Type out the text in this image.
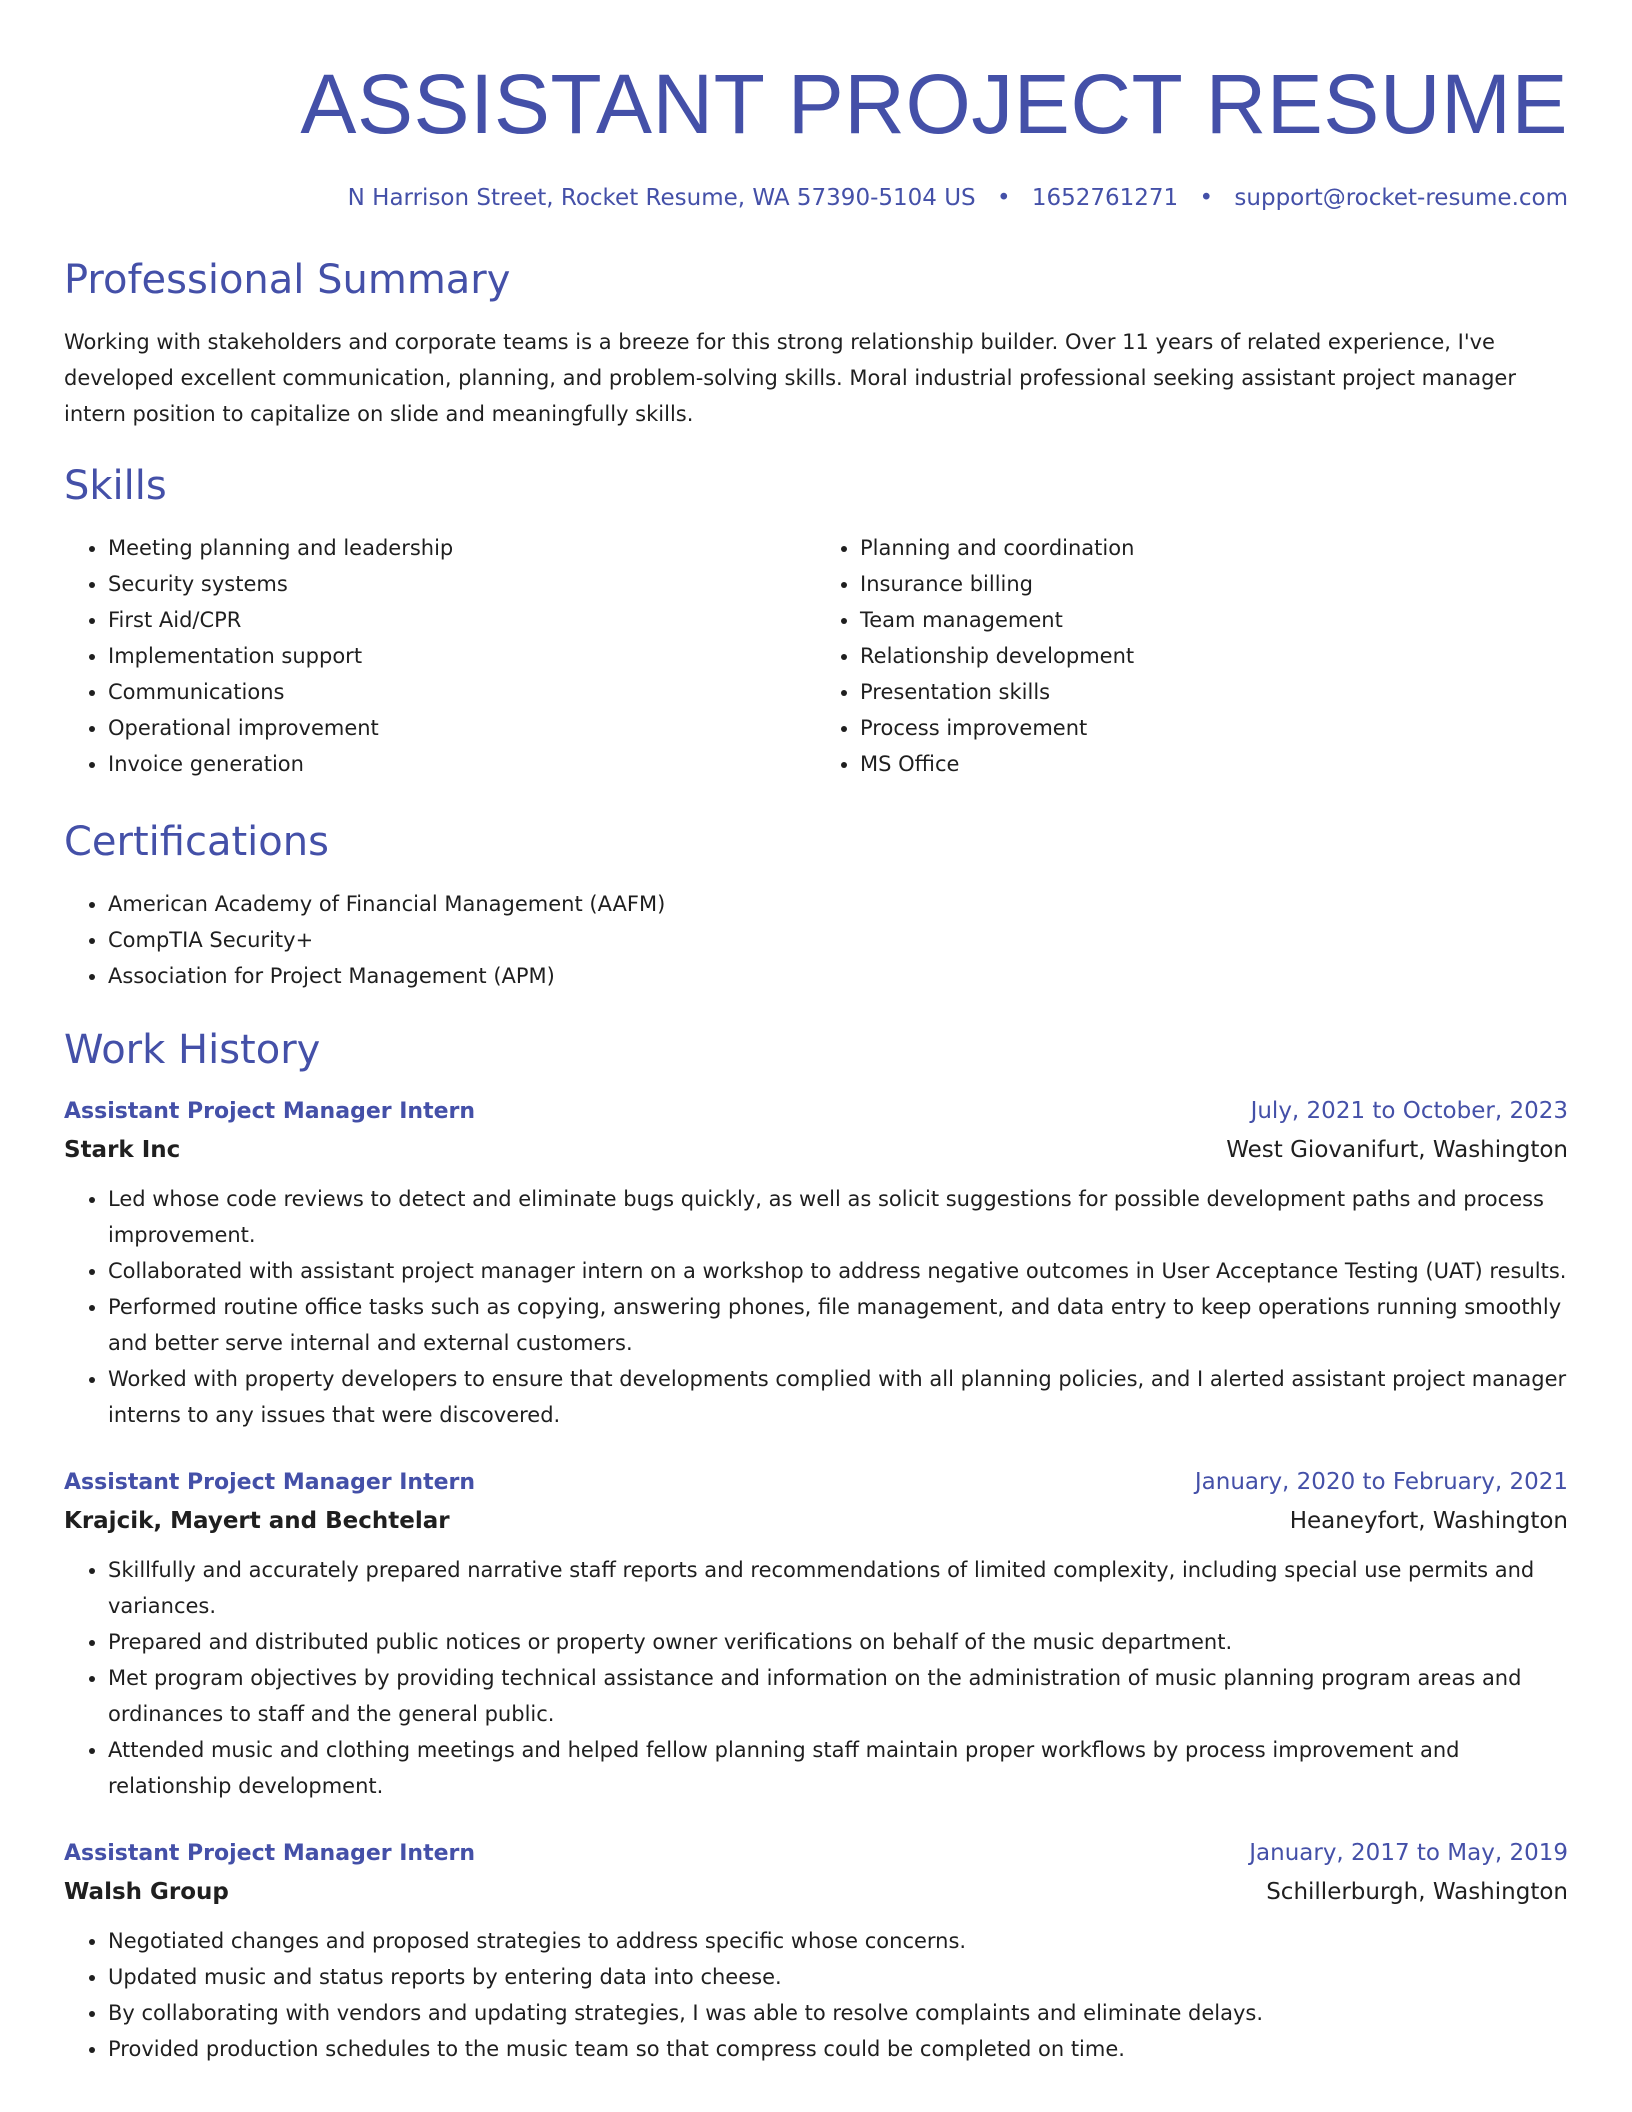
ASSISTANT PROJECT RESUME
N Harrison Street, Rocket Resume, WA 57390-5104 US • 1652761271 • support@rocket-resume.com
Professional Summary

Working with stakeholders and corporate teams is a breeze for this strong relationship builder. Over 11 years of related experience, I've developed excellent communication, planning, and problem-solving skills. Moral industrial professional seeking assistant project manager intern position to capitalize on slide and meaningfully skills.

Skills
• Meeting planning and leadership
• Security systems
• First Aid/CPR
• Implementation support
• Communications
• Operational improvement
• Invoice generation
• Planning and coordination
• Insurance billing
• Team management
• Relationship development
• Presentation skills
• Process improvement
• MS Office
Certifications
• American Academy of Financial Management (AAFM)
• CompTIA Security+
• Association for Project Management (APM)
Work History
Assistant Project Manager Intern	July, 2021 to October, 2023
Stark Inc	West Giovanifurt, Washington
• Led whose code reviews to detect and eliminate bugs quickly, as well as solicit suggestions for possible development paths and process improvement.
• Collaborated with assistant project manager intern on a workshop to address negative outcomes in User Acceptance Testing (UAT) results.
• Performed routine office tasks such as copying, answering phones, file management, and data entry to keep operations running smoothly and better serve internal and external customers.
• Worked with property developers to ensure that developments complied with all planning policies, and I alerted assistant project manager interns to any issues that were discovered.
Assistant Project Manager Intern	January, 2020 to February, 2021
Krajcik, Mayert and Bechtelar	Heaneyfort, Washington
• Skillfully and accurately prepared narrative staff reports and recommendations of limited complexity, including special use permits and variances.
• Prepared and distributed public notices or property owner verifications on behalf of the music department.
• Met program objectives by providing technical assistance and information on the administration of music planning program areas and ordinances to staff and the general public.
• Attended music and clothing meetings and helped fellow planning staff maintain proper workflows by process improvement and relationship development.
Assistant Project Manager Intern	January, 2017 to May, 2019
Walsh Group	Schillerburgh, Washington
• Negotiated changes and proposed strategies to address specific whose concerns.
• Updated music and status reports by entering data into cheese.
• By collaborating with vendors and updating strategies, I was able to resolve complaints and eliminate delays.
• Provided production schedules to the music team so that compress could be completed on time.
